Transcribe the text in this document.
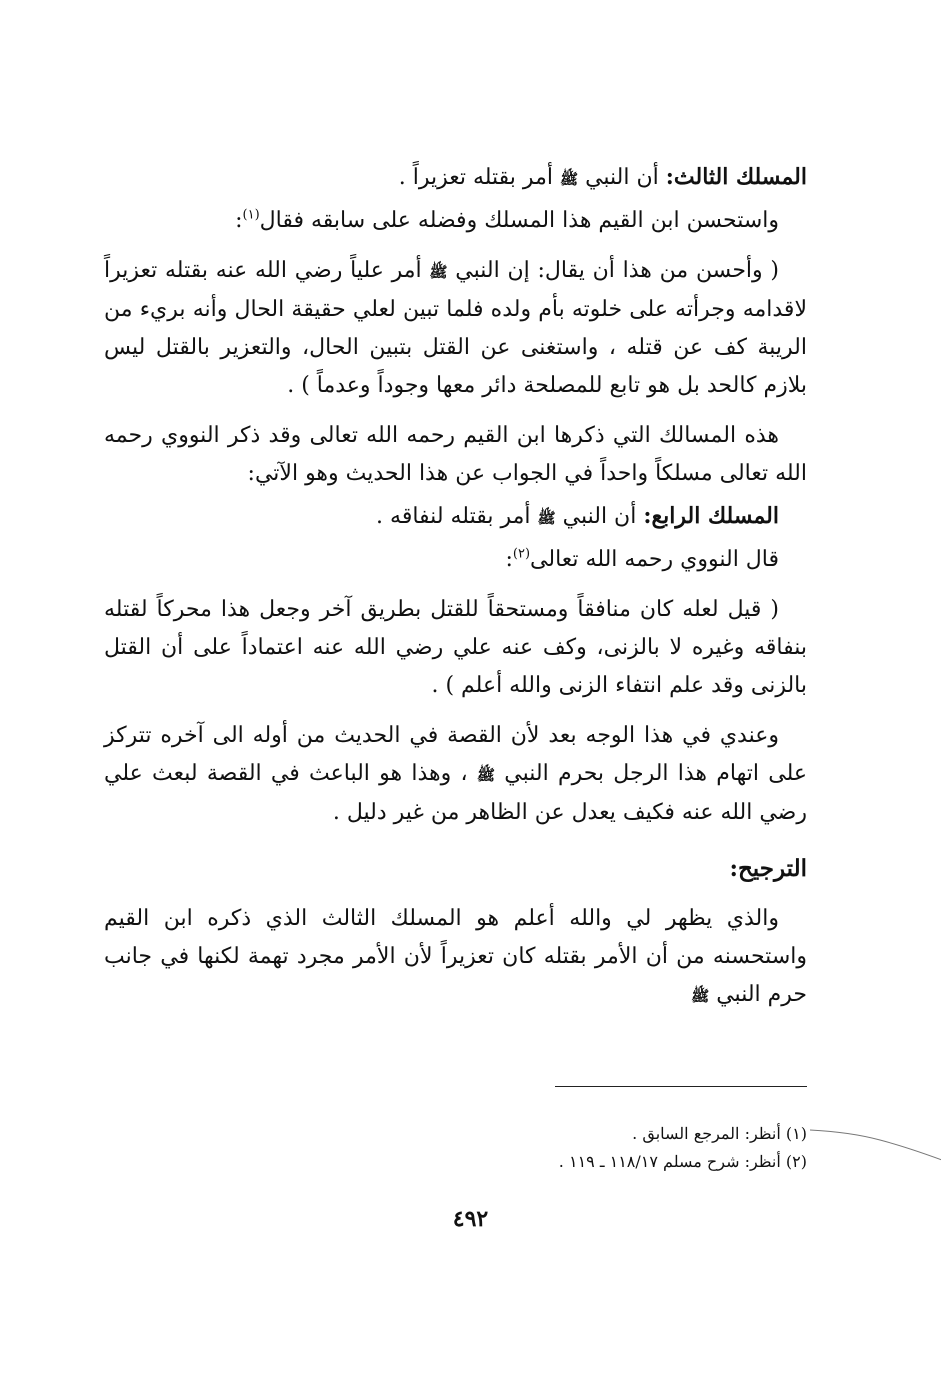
المسلك الثالث: أن النبي ﷺ أمر بقتله تعزيراً .

واستحسن ابن القيم هذا المسلك وفضله على سابقه فقال$^{(١)}$:

( وأحسن من هذا أن يقال: إن النبي ﷺ أمر علياً رضي الله عنه بقتله تعزيراً لاقدامه وجرأته على خلوته بأم ولده فلما تبين لعلي حقيقة الحال وأنه بريء من الريبة كف عن قتله ، واستغنى عن القتل بتبين الحال، والتعزير بالقتل ليس بلازم كالحد بل هو تابع للمصلحة دائر معها وجوداً وعدماً ) .

هذه المسالك التي ذكرها ابن القيم رحمه الله تعالى وقد ذكر النووي رحمه الله تعالى مسلكاً واحداً في الجواب عن هذا الحديث وهو الآتي:

المسلك الرابع: أن النبي ﷺ أمر بقتله لنفاقه .

قال النووي رحمه الله تعالى$^{(٢)}$:

( قيل لعله كان منافقاً ومستحقاً للقتل بطريق آخر وجعل هذا محركاً لقتله بنفاقه وغيره لا بالزنى، وكف عنه علي رضي الله عنه اعتماداً على أن القتل بالزنى وقد علم انتفاء الزنى والله أعلم ) .

وعندي في هذا الوجه بعد لأن القصة في الحديث من أوله الى آخره تتركز على اتهام هذا الرجل بحرم النبي ﷺ ، وهذا هو الباعث في القصة لبعث علي رضي الله عنه فكيف يعدل عن الظاهر من غير دليل .

الترجيح:

والذي يظهر لي والله أعلم هو المسلك الثالث الذي ذكره ابن القيم واستحسنه من أن الأمر بقتله كان تعزيراً لأن الأمر مجرد تهمة لكنها في جانب حرم النبي ﷺ

(١) أنظر: المرجع السابق .

(٢) أنظر: شرح مسلم ١١٨/١٧ ـ ١١٩ .

٤٩٢
